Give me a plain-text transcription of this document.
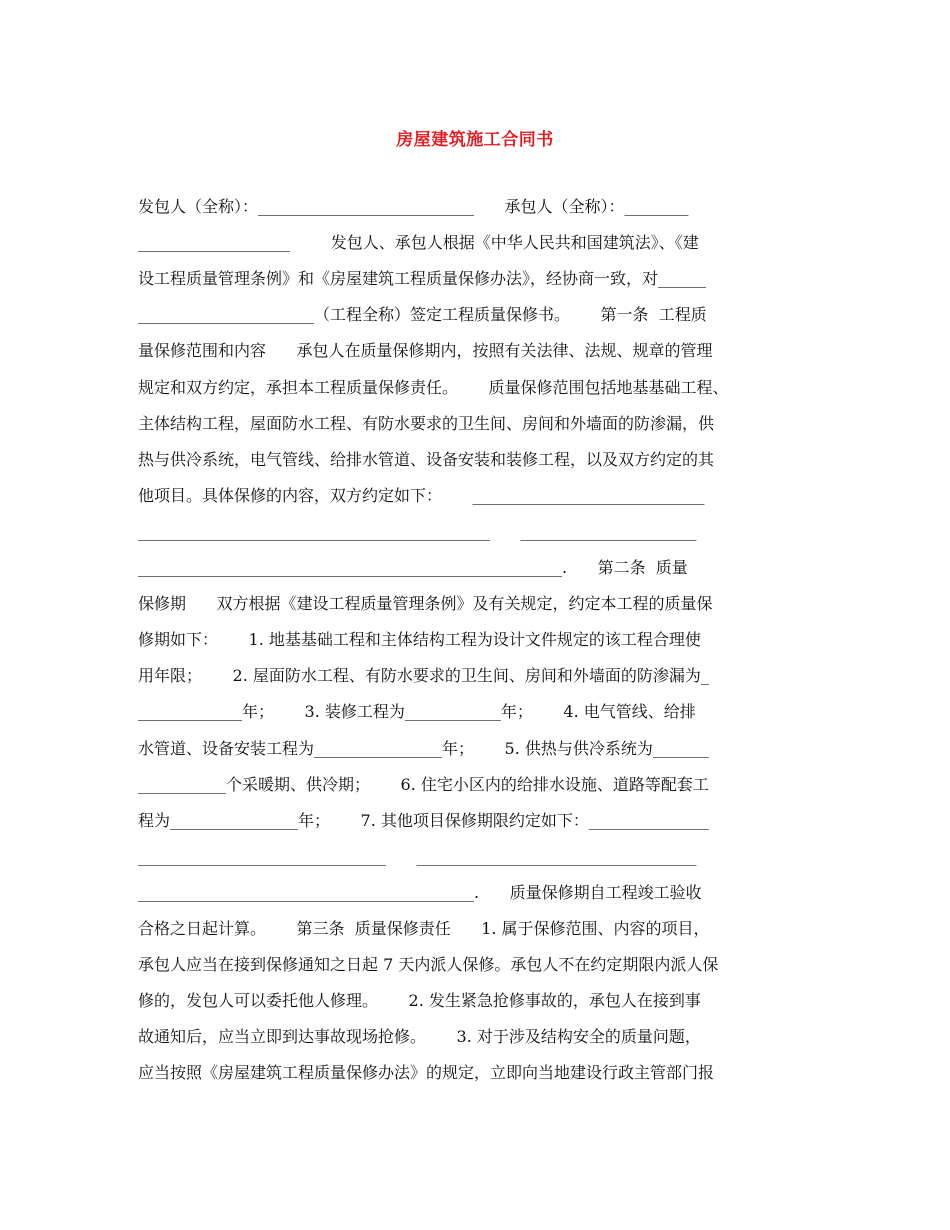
房屋建筑施工合同书
发包人（全称）：___________________________      承包人（全称）：________
___________________        发包人、承包人根据《中华人民共和国建筑法》、《建
设工程质量管理条例》和《房屋建筑工程质量保修办法》，经协商一致，对______
______________________（工程全称）签定工程质量保修书。      第一条  工程质
量保修范围和内容      承包人在质量保修期内，按照有关法律、法规、规章的管理
规定和双方约定，承担本工程质量保修责任。      质量保修范围包括地基基础工程、
主体结构工程，屋面防水工程、有防水要求的卫生间、房间和外墙面的防渗漏，供
热与供冷系统，电气管线、给排水管道、设备安装和装修工程，以及双方约定的其
他项目。具体保修的内容，双方约定如下：      _____________________________
____________________________________________      ______________________
_____________________________________________________.      第二条  质量
保修期      双方根据《建设工程质量管理条例》及有关规定，约定本工程的质量保
修期如下：      1. 地基基础工程和主体结构工程为设计文件规定的该工程合理使
用年限；      2. 屋面防水工程、有防水要求的卫生间、房间和外墙面的防渗漏为_
_____________年；      3. 装修工程为____________年；      4. 电气管线、给排
水管道、设备安装工程为________________年；      5. 供热与供冷系统为_______
___________个采暖期、供冷期；      6. 住宅小区内的给排水设施、道路等配套工
程为________________年；      7. 其他项目保修期限约定如下：_______________
_______________________________      ___________________________________
__________________________________________.      质量保修期自工程竣工验收
合格之日起计算。      第三条  质量保修责任      1. 属于保修范围、内容的项目，
承包人应当在接到保修通知之日起 7 天内派人保修。承包人不在约定期限内派人保
修的，发包人可以委托他人修理。      2. 发生紧急抢修事故的，承包人在接到事
故通知后，应当立即到达事故现场抢修。      3. 对于涉及结构安全的质量问题，
应当按照《房屋建筑工程质量保修办法》的规定，立即向当地建设行政主管部门报
